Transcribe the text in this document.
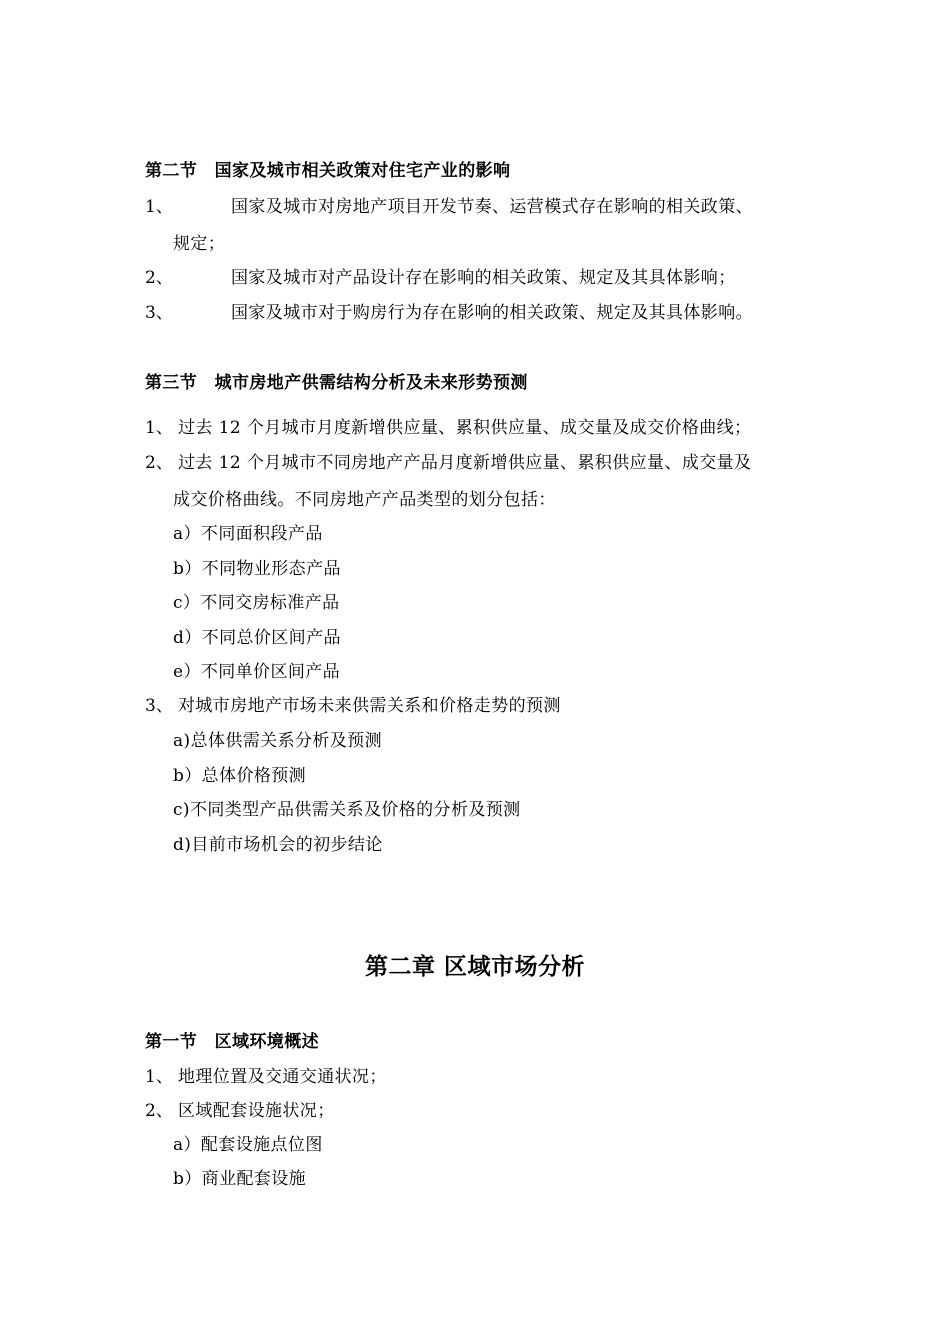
第二节　国家及城市相关政策对住宅产业的影响
1、	国家及城市对房地产项目开发节奏、运营模式存在影响的相关政策、
规定；
2、	国家及城市对产品设计存在影响的相关政策、规定及其具体影响；
3、	国家及城市对于购房行为存在影响的相关政策、规定及其具体影响。
第三节　城市房地产供需结构分析及未来形势预测
1、 过去 12 个月城市月度新增供应量、累积供应量、成交量及成交价格曲线；
2、 过去 12 个月城市不同房地产产品月度新增供应量、累积供应量、成交量及
成交价格曲线。不同房地产产品类型的划分包括：
a）不同面积段产品
b）不同物业形态产品
c）不同交房标准产品
d）不同总价区间产品
e）不同单价区间产品
3、 对城市房地产市场未来供需关系和价格走势的预测
a)总体供需关系分析及预测
b）总体价格预测
c)不同类型产品供需关系及价格的分析及预测
d)目前市场机会的初步结论
第二章 区域市场分析
第一节　区域环境概述
1、 地理位置及交通交通状况；
2、 区域配套设施状况；
a）配套设施点位图
b）商业配套设施
